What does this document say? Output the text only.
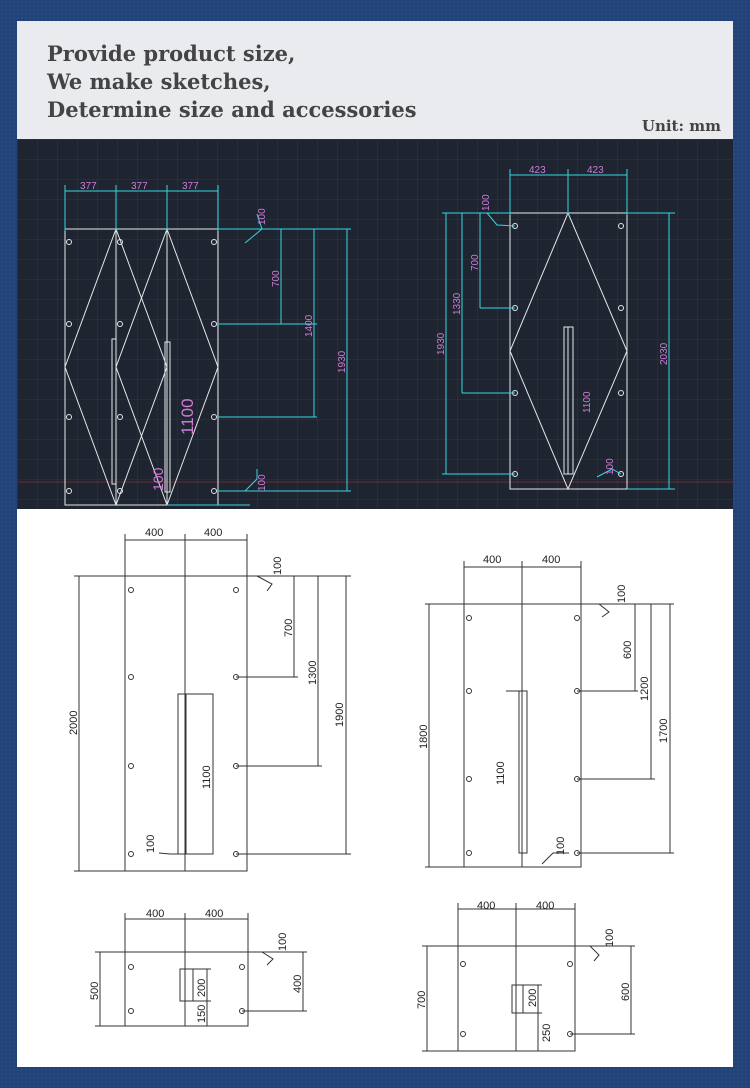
Provide product size,
We make sketches,
Determine size and accessories
Unit: mm
377	377	377
100
700
1400
1930
1100
100
100
423	423
100
700
1330
1930	2030
1100
100
400	400
100
700
1300
1900
2000
1100
100
400	400
100
600
1200
1700
1800
1100
100
400	400
100
400
500	200
150
400	400
100
600
700	200
250
